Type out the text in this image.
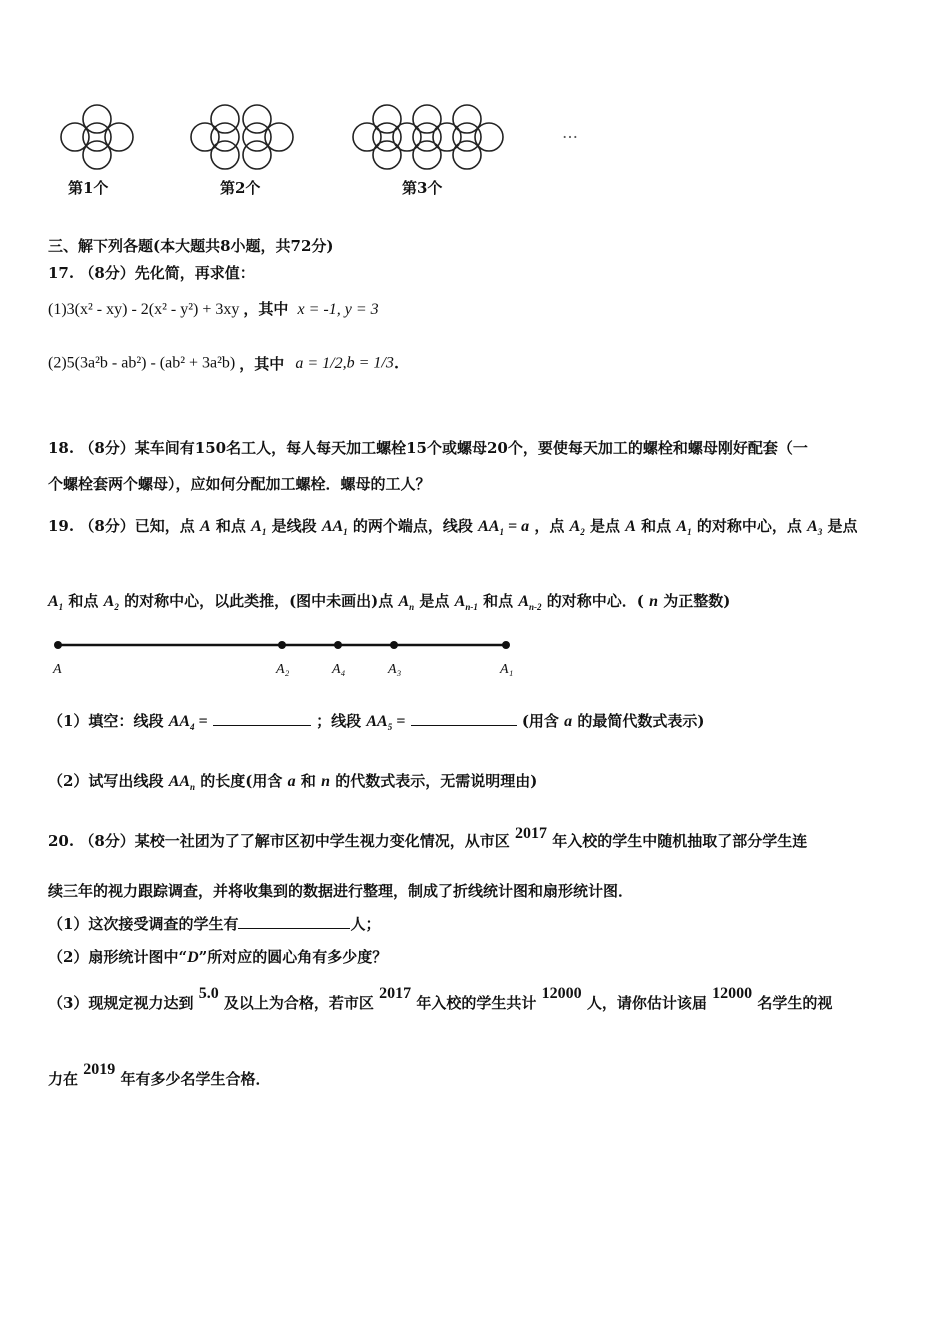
第1个	第2个	第3个
…
三、解下列各题(本大题共8小题，共72分)
17. （8分）先化简，再求值：
(1)3(x² - xy) - 2(x² - y²) + 3xy ，其中 x = -1, y = 3
(2)5(3a²b - ab²) - (ab² + 3a²b) ，其中 a = 1/2,b = 1/3.
18. （8分）某车间有150名工人，每人每天加工螺栓15个或螺母20个，要使每天加工的螺栓和螺母刚好配套（一
个螺栓套两个螺母），应如何分配加工螺栓．螺母的工人？
19. （8分）已知，点 A 和点 $A_1$ 是线段 $AA_1$ 的两个端点，线段 $AA_1 = a$ ，点 $A_2$ 是点 A 和点 $A_1$ 的对称中心，点 $A_3$ 是点
$A_1$ 和点 $A_2$ 的对称中心，以此类推，(图中未画出)点 $A_n$ 是点 $A_{n-1}$ 和点 $A_{n-2}$ 的对称中心．( n 为正整数)
A	A₂	A₄	A₃	A₁
（1）填空：线段 $AA_4$ =	；线段 $AA_5$ =	(用含 a 的最简代数式表示)
（2）试写出线段 $AA_n$ 的长度(用含 a 和 n 的代数式表示，无需说明理由)
20. （8分）某校一社团为了了解市区初中学生视力变化情况，从市区 2017 年入校的学生中随机抽取了部分学生连
续三年的视力跟踪调查，并将收集到的数据进行整理，制成了折线统计图和扇形统计图．
（1）这次接受调查的学生有	人；
（2）扇形统计图中“D”所对应的圆心角有多少度？
（3）现规定视力达到 5.0 及以上为合格，若市区 2017 年入校的学生共计 12000 人，请你估计该届 12000 名学生的视
力在 2019 年有多少名学生合格．
